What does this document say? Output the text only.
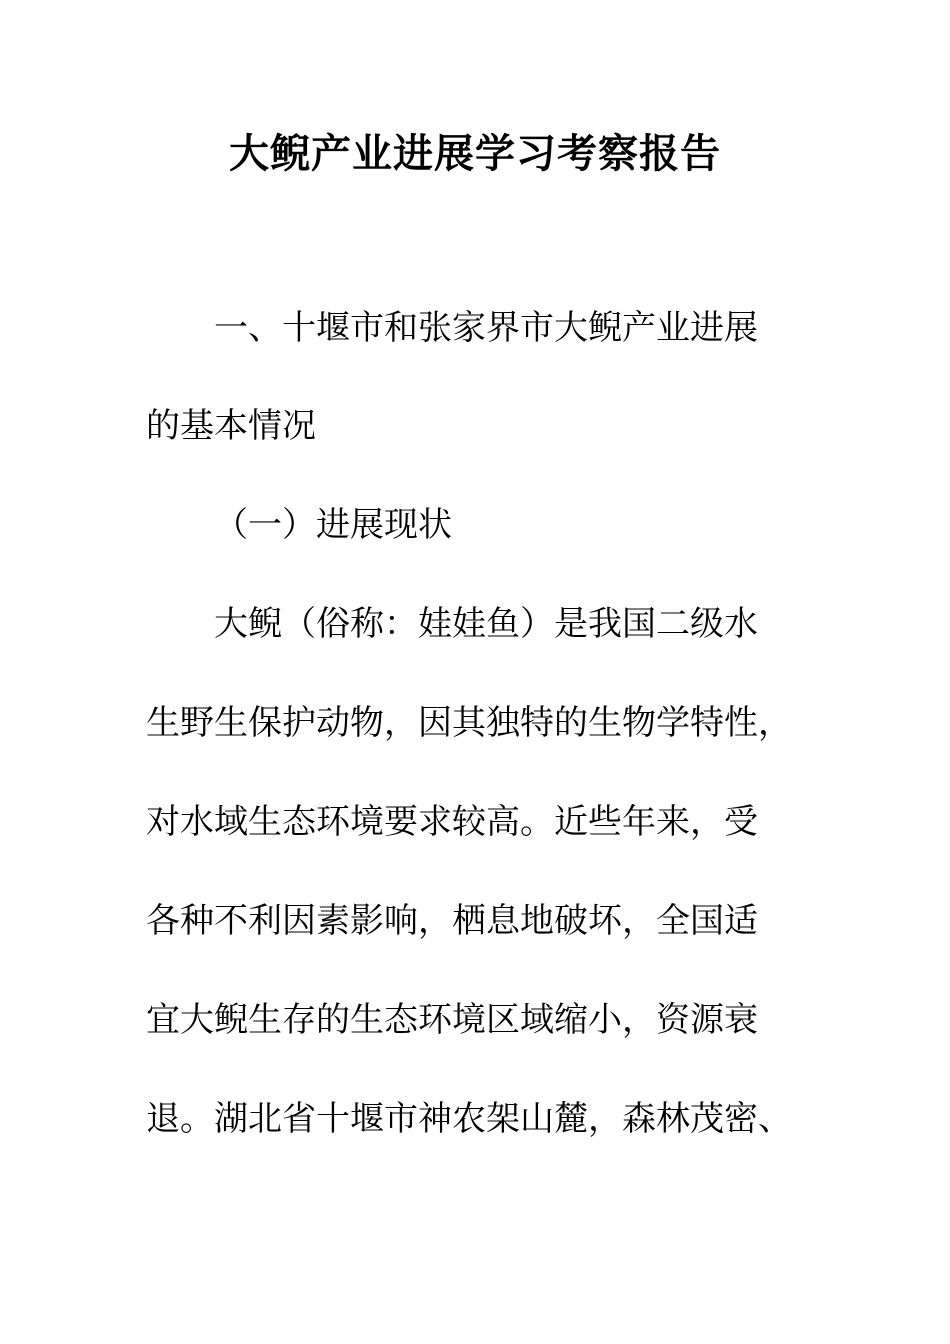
大鲵产业进展学习考察报告
一、十堰市和张家界市大鲵产业进展
的基本情况
（一）进展现状
大鲵（俗称：娃娃鱼）是我国二级水
生野生保护动物，因其独特的生物学特性，
对水域生态环境要求较高。近些年来，受
各种不利因素影响，栖息地破坏，全国适
宜大鲵生存的生态环境区域缩小，资源衰
退。湖北省十堰市神农架山麓，森林茂密、
